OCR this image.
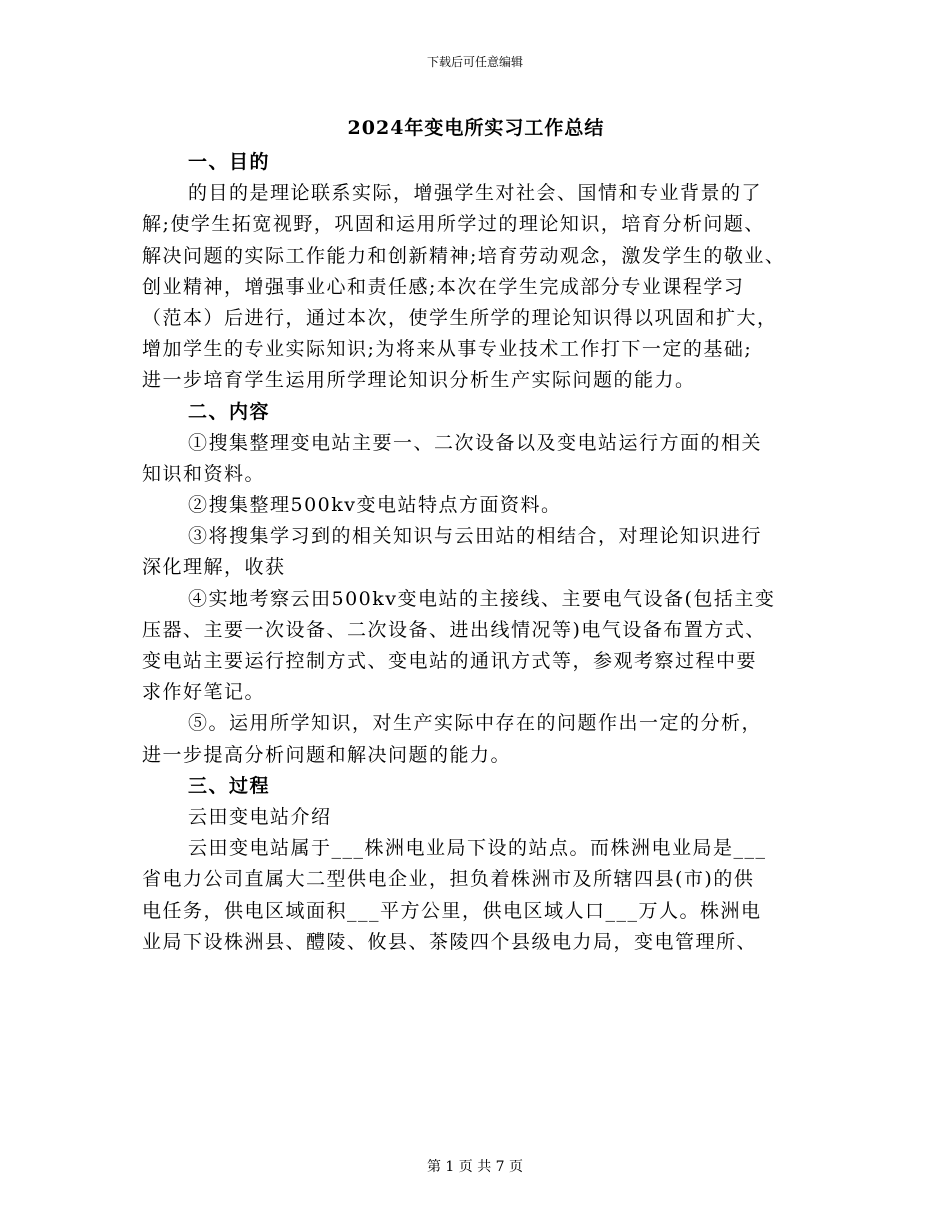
下载后可任意编辑
2024年变电所实习工作总结
一、目的
的目的是理论联系实际，增强学生对社会、国情和专业背景的了
解;使学生拓宽视野，巩固和运用所学过的理论知识，培育分析问题、
解决问题的实际工作能力和创新精神;培育劳动观念，激发学生的敬业、
创业精神，增强事业心和责任感;本次在学生完成部分专业课程学习
（范本）后进行，通过本次，使学生所学的理论知识得以巩固和扩大，
增加学生的专业实际知识;为将来从事专业技术工作打下一定的基础;
进一步培育学生运用所学理论知识分析生产实际问题的能力。
二、内容
①搜集整理变电站主要一、二次设备以及变电站运行方面的相关
知识和资料。
②搜集整理500kv变电站特点方面资料。
③将搜集学习到的相关知识与云田站的相结合，对理论知识进行
深化理解，收获
④实地考察云田500kv变电站的主接线、主要电气设备(包括主变
压器、主要一次设备、二次设备、进出线情况等)电气设备布置方式、
变电站主要运行控制方式、变电站的通讯方式等，参观考察过程中要
求作好笔记。
⑤。运用所学知识，对生产实际中存在的问题作出一定的分析，
进一步提高分析问题和解决问题的能力。
三、过程
云田变电站介绍
云田变电站属于___株洲电业局下设的站点。而株洲电业局是___
省电力公司直属大二型供电企业，担负着株洲市及所辖四县(市)的供
电任务，供电区域面积___平方公里，供电区域人口___万人。株洲电
业局下设株洲县、醴陵、攸县、茶陵四个县级电力局，变电管理所、
第 1 页 共 7 页
